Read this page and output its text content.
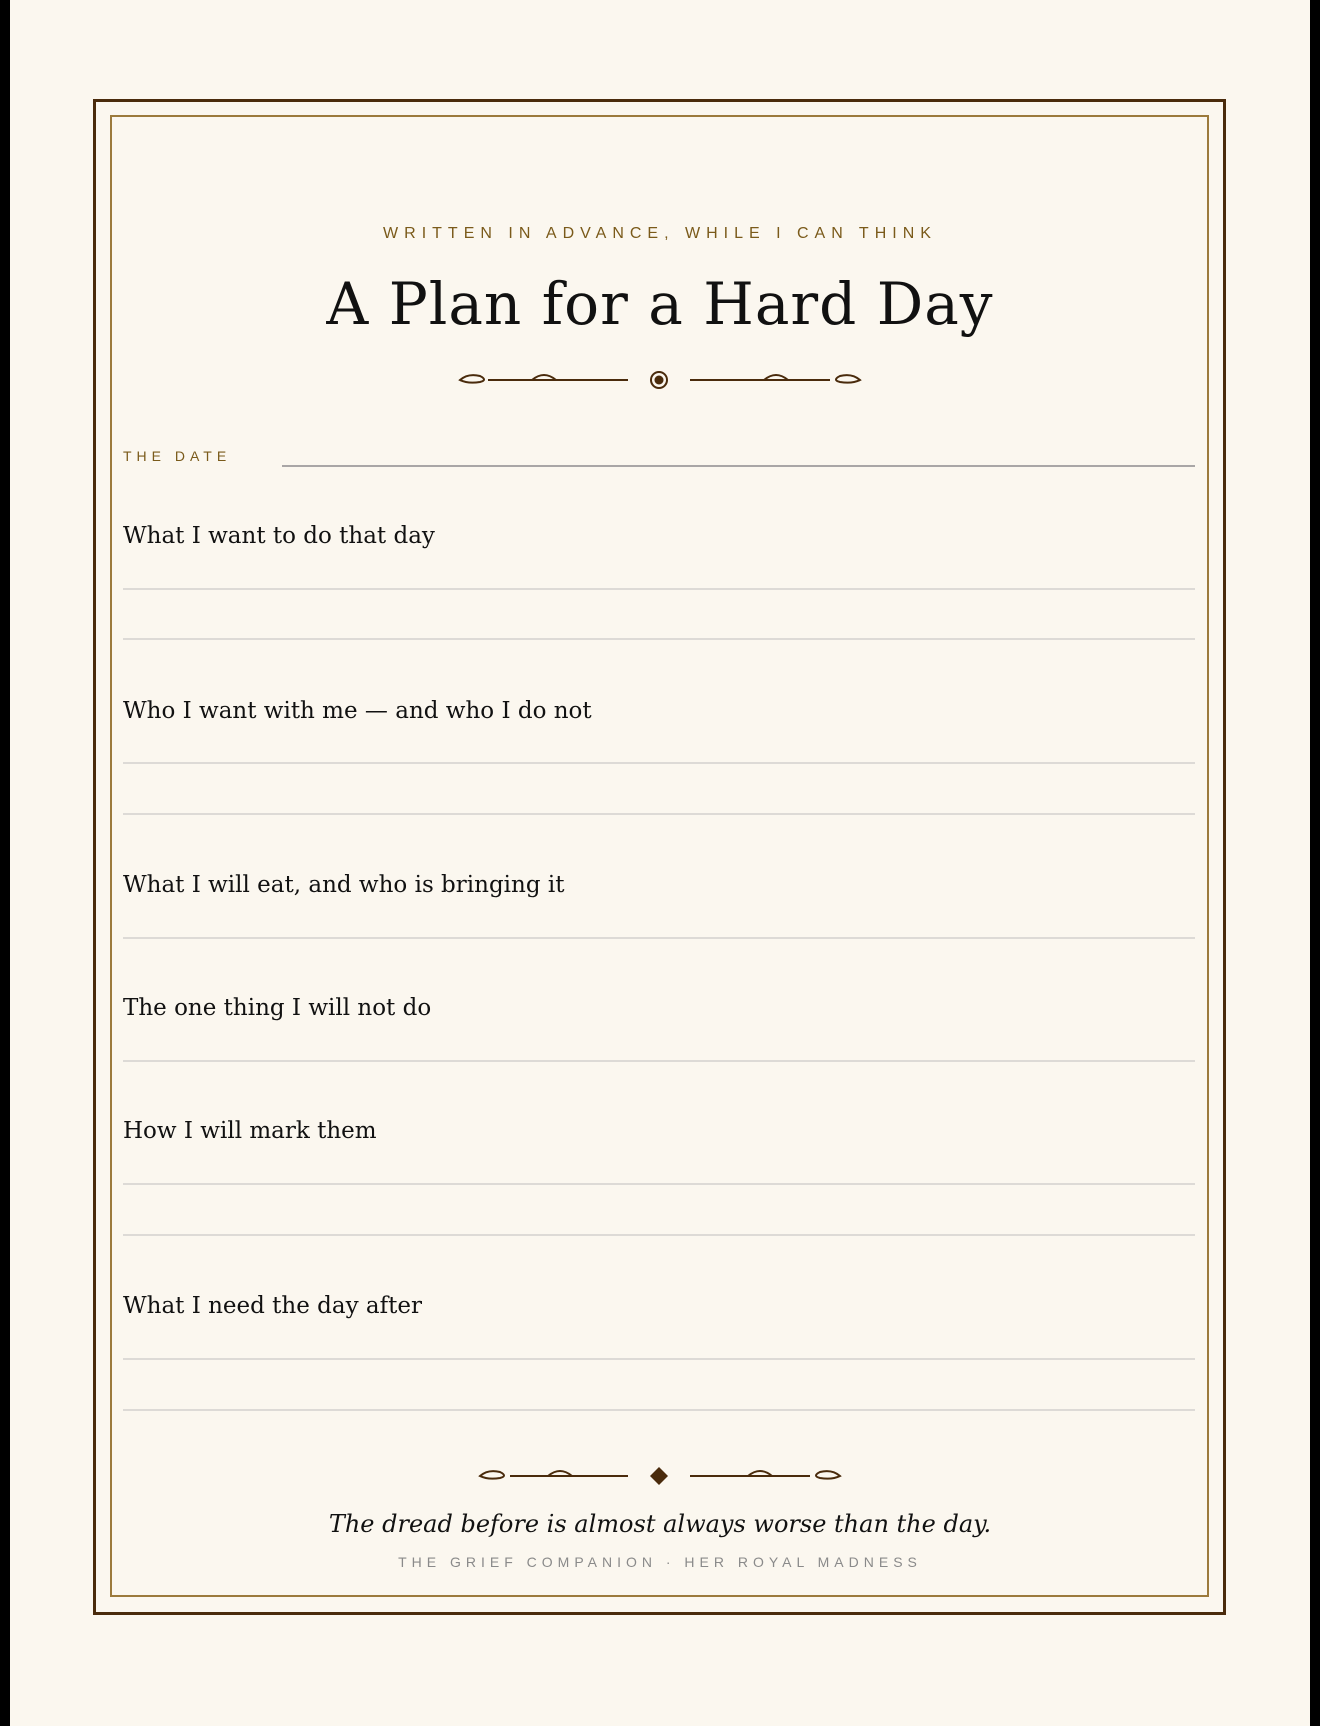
WRITTEN IN ADVANCE, WHILE I CAN THINK
A Plan for a Hard Day
THE DATE
What I want to do that day
Who I want with me — and who I do not
What I will eat, and who is bringing it
The one thing I will not do
How I will mark them
What I need the day after
The dread before is almost always worse than the day.
THE GRIEF COMPANION · HER ROYAL MADNESS
